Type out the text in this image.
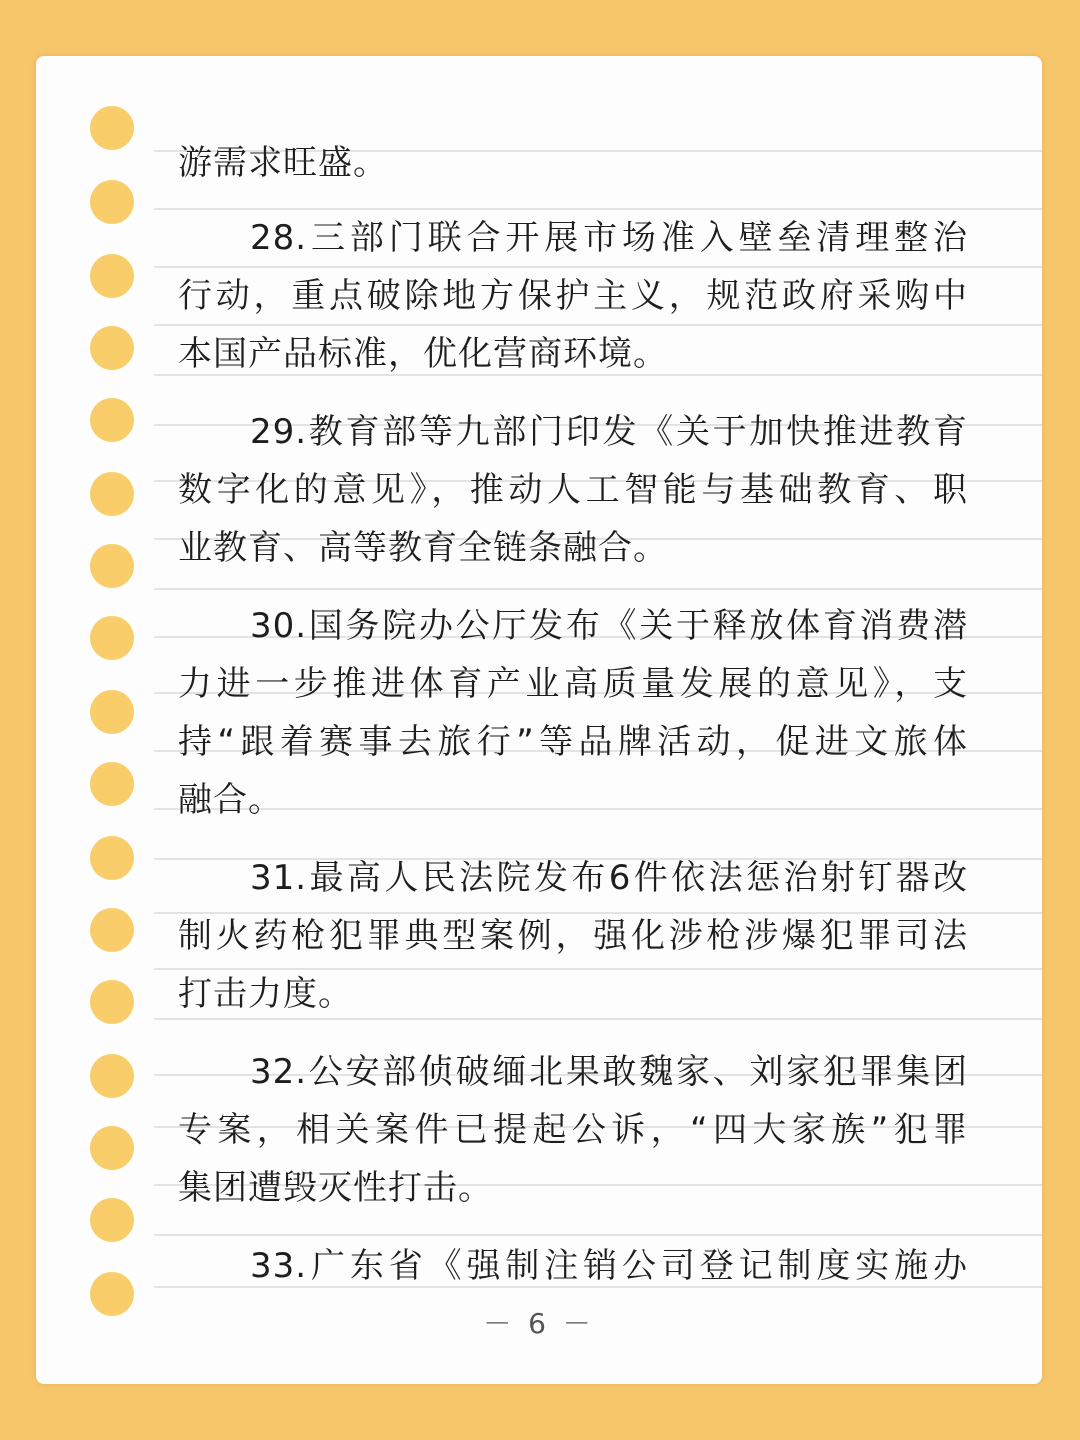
游需求旺盛。
28.三部门联合开展市场准入壁垒清理整治
行动，重点破除地方保护主义，规范政府采购中
本国产品标准，优化营商环境。
29.教育部等九部门印发《关于加快推进教育
数字化的意见》，推动人工智能与基础教育、职
业教育、高等教育全链条融合。
30.国务院办公厅发布《关于释放体育消费潜
力进一步推进体育产业高质量发展的意见》，支
持“跟着赛事去旅行”等品牌活动，促进文旅体
融合。
31.最高人民法院发布6件依法惩治射钉器改
制火药枪犯罪典型案例，强化涉枪涉爆犯罪司法
打击力度。
32.公安部侦破缅北果敢魏家、刘家犯罪集团
专案，相关案件已提起公诉，“四大家族”犯罪
集团遭毁灭性打击。
33.广东省《强制注销公司登记制度实施办
－ 6 －
